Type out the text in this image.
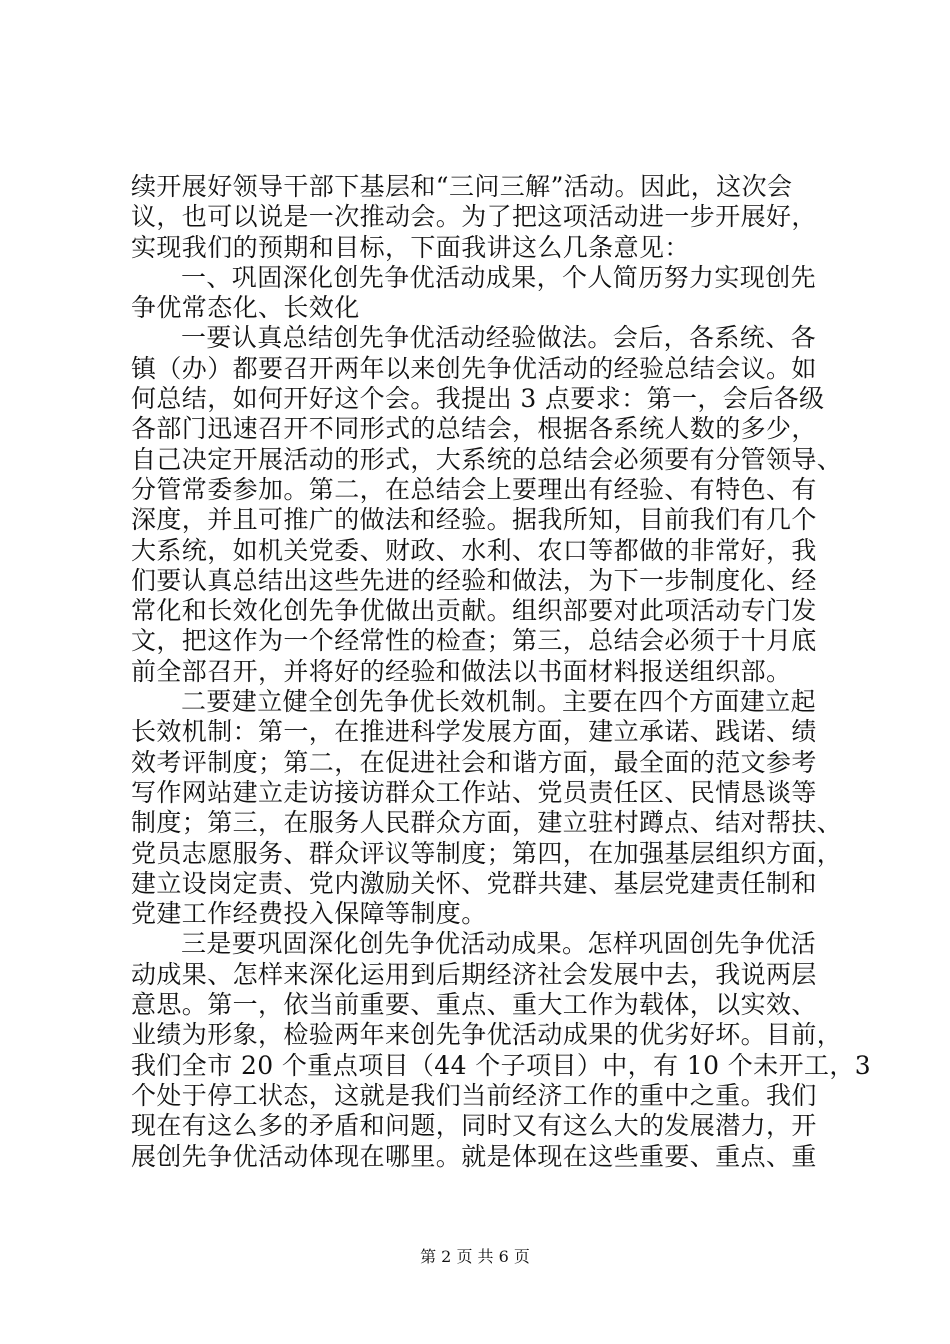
续开展好领导干部下基层和“三问三解”活动。因此，这次会
议，也可以说是一次推动会。为了把这项活动进一步开展好，
实现我们的预期和目标，下面我讲这么几条意见：
一、巩固深化创先争优活动成果，个人简历努力实现创先
争优常态化、长效化
一要认真总结创先争优活动经验做法。会后，各系统、各
镇（办）都要召开两年以来创先争优活动的经验总结会议。如
何总结，如何开好这个会。我提出 3 点要求：第一，会后各级
各部门迅速召开不同形式的总结会，根据各系统人数的多少，
自己决定开展活动的形式，大系统的总结会必须要有分管领导、
分管常委参加。第二，在总结会上要理出有经验、有特色、有
深度，并且可推广的做法和经验。据我所知，目前我们有几个
大系统，如机关党委、财政、水利、农口等都做的非常好，我
们要认真总结出这些先进的经验和做法，为下一步制度化、经
常化和长效化创先争优做出贡献。组织部要对此项活动专门发
文，把这作为一个经常性的检查；第三，总结会必须于十月底
前全部召开，并将好的经验和做法以书面材料报送组织部。
二要建立健全创先争优长效机制。主要在四个方面建立起
长效机制：第一，在推进科学发展方面，建立承诺、践诺、绩
效考评制度；第二，在促进社会和谐方面，最全面的范文参考
写作网站建立走访接访群众工作站、党员责任区、民情恳谈等
制度；第三，在服务人民群众方面，建立驻村蹲点、结对帮扶、
党员志愿服务、群众评议等制度；第四，在加强基层组织方面，
建立设岗定责、党内激励关怀、党群共建、基层党建责任制和
党建工作经费投入保障等制度。
三是要巩固深化创先争优活动成果。怎样巩固创先争优活
动成果、怎样来深化运用到后期经济社会发展中去，我说两层
意思。第一，依当前重要、重点、重大工作为载体，以实效、
业绩为形象，检验两年来创先争优活动成果的优劣好坏。目前，
我们全市 20 个重点项目（44 个子项目）中，有 10 个未开工，3
个处于停工状态，这就是我们当前经济工作的重中之重。我们
现在有这么多的矛盾和问题，同时又有这么大的发展潜力，开
展创先争优活动体现在哪里。就是体现在这些重要、重点、重
第 2 页 共 6 页
